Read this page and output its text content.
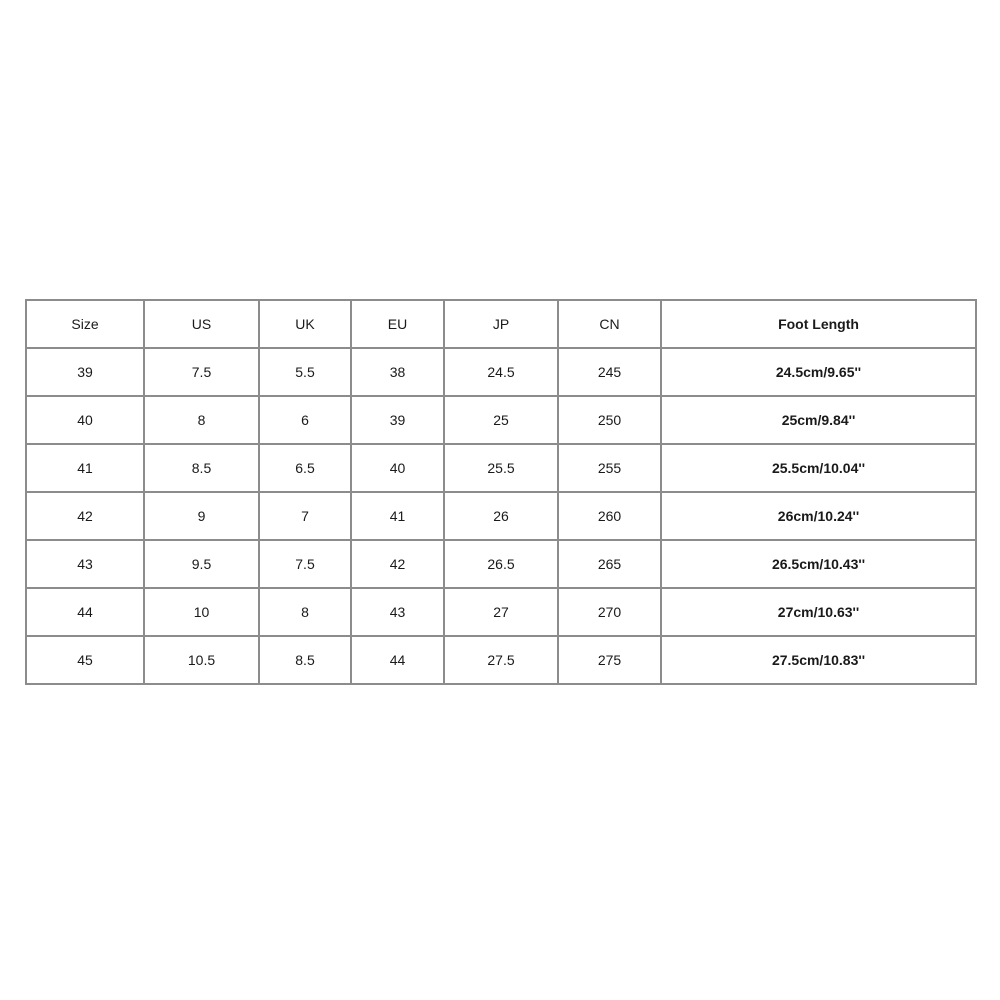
Size	US	UK	EU	JP	CN	Foot Length
39	7.5	5.5	38	24.5	245	24.5cm/9.65''
40	8	6	39	25	250	25cm/9.84''
41	8.5	6.5	40	25.5	255	25.5cm/10.04''
42	9	7	41	26	260	26cm/10.24''
43	9.5	7.5	42	26.5	265	26.5cm/10.43''
44	10	8	43	27	270	27cm/10.63''
45	10.5	8.5	44	27.5	275	27.5cm/10.83''
